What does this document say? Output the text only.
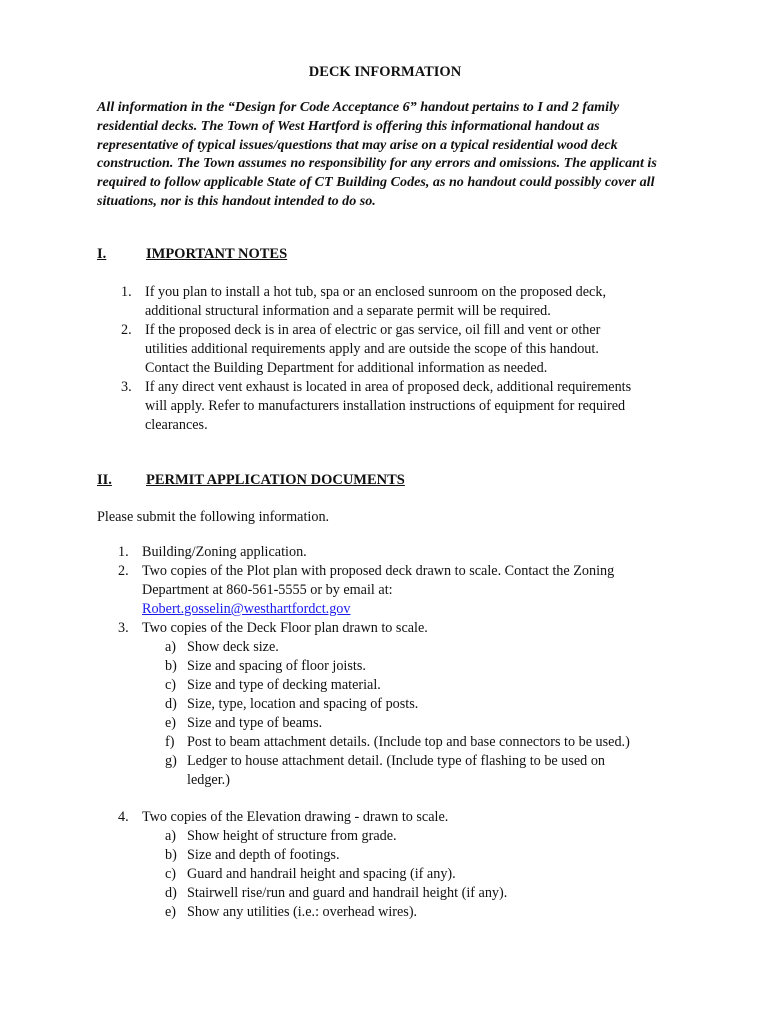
DECK INFORMATION
All information in the “Design for Code Acceptance 6” handout pertains to I and 2 family residential decks. The Town of West Hartford is offering this informational handout as representative of typical issues/questions that may arise on a typical residential wood deck construction. The Town assumes no responsibility for any errors and omissions. The applicant is required to follow applicable State of CT Building Codes, as no handout could possibly cover all situations, nor is this handout intended to do so.
I.	IMPORTANT NOTES
1. If you plan to install a hot tub, spa or an enclosed sunroom on the proposed deck, additional structural information and a separate permit will be required.
2. If the proposed deck is in area of electric or gas service, oil fill and vent or other utilities additional requirements apply and are outside the scope of this handout. Contact the Building Department for additional information as needed.
3. If any direct vent exhaust is located in area of proposed deck, additional requirements will apply. Refer to manufacturers installation instructions of equipment for required clearances.
II. PERMIT APPLICATION DOCUMENTS
Please submit the following information.
1. Building/Zoning application.
2. Two copies of the Plot plan with proposed deck drawn to scale. Contact the Zoning Department at 860-561-5555 or by email at:
Robert.gosselin@westhartfordct.gov
3. Two copies of the Deck Floor plan drawn to scale.
a) Show deck size.
b) Size and spacing of floor joists.
c) Size and type of decking material.
d) Size, type, location and spacing of posts.
e) Size and type of beams.
f) Post to beam attachment details. (Include top and base connectors to be used.)
g) Ledger to house attachment detail. (Include type of flashing to be used on ledger.)
4. Two copies of the Elevation drawing - drawn to scale.
a) Show height of structure from grade.
b) Size and depth of footings.
c) Guard and handrail height and spacing (if any).
d) Stairwell rise/run and guard and handrail height (if any).
e) Show any utilities (i.e.: overhead wires).
